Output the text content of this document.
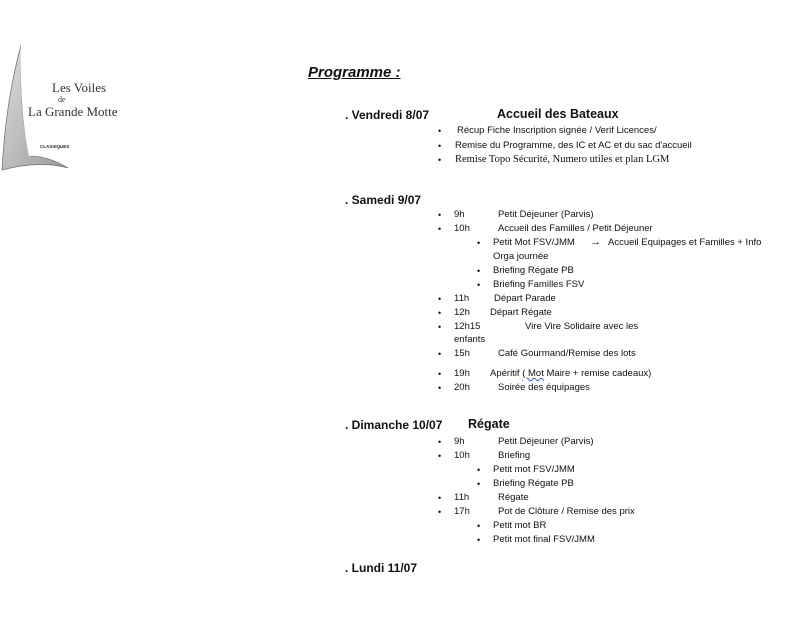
Les Voiles
de
La Grande Motte
CLASSIQUES
Programme :
. Vendredi 8/07	Accueil des Bateaux
• Récup Fiche Inscription signée / Verif Licences/
• Remise du Programme, des IC et AC et du sac d'accueil
• Remise Topo Sécurité, Numero utiles et plan LGM
. Samedi 9/07
• 9h	Petit Déjeuner (Parvis)
• 10h	Accueil des Familles / Petit Déjeuner
• Petit Mot FSV/JMM → Accueil Equipages et Familles + Info
Orga journée
• Briefing Régate PB
• Briefing Familles FSV
• 11h	Départ Parade
• 12h Départ Régate
• 12h15	Vire Vire Solidaire avec les
enfants
• 15h	Café Gourmand/Remise des lots
• 19h Apéritif ( Mot Maire + remise cadeaux)
• 20h	Soirée des équipages
. Dimanche 10/07 Régate
• 9h	Petit Déjeuner (Parvis)
• 10h	Briefing
• Petit mot FSV/JMM
• Briefing Régate PB
• 11h	Régate
• 17h	Pot de Clôture / Remise des prix
• Petit mot BR
• Petit mot final FSV/JMM
. Lundi 11/07
